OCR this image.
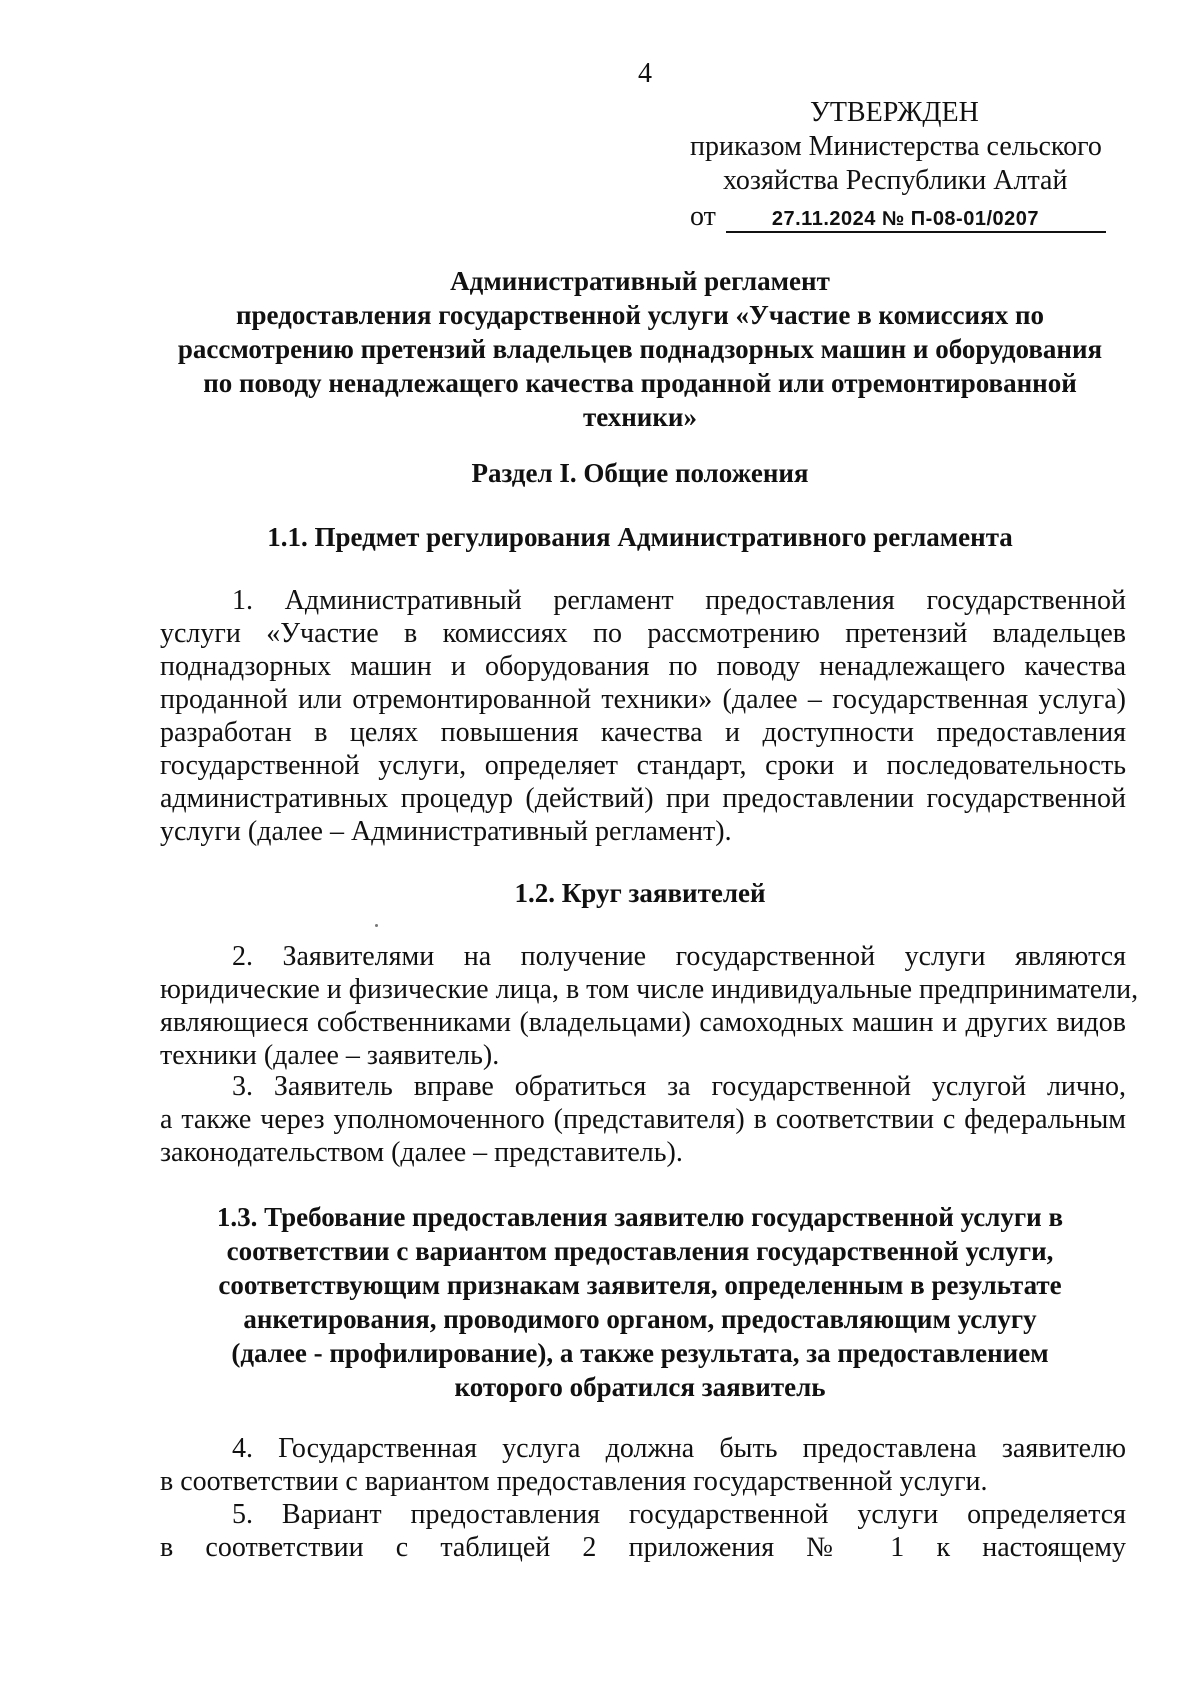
4
УТВЕРЖДЕН
приказом Министерства сельского
хозяйства Республики Алтай
от	27.11.2024 № П-08-01/0207
Административный регламент
предоставления государственной услуги «Участие в комиссиях по
рассмотрению претензий владельцев поднадзорных машин и оборудования
по поводу ненадлежащего качества проданной или отремонтированной
техники»
Раздел I. Общие положения
1.1. Предмет регулирования Административного регламента
1. Административный регламент предоставления государственной
услуги «Участие в комиссиях по рассмотрению претензий владельцев
поднадзорных машин и оборудования по поводу ненадлежащего качества
проданной или отремонтированной техники» (далее – государственная услуга)
разработан в целях повышения качества и доступности предоставления
государственной услуги, определяет стандарт, сроки и последовательность
административных процедур (действий) при предоставлении государственной
услуги (далее – Административный регламент).
1.2. Круг заявителей
2. Заявителями на получение государственной услуги являются
юридические и физические лица, в том числе индивидуальные предприниматели,
являющиеся собственниками (владельцами) самоходных машин и других видов
техники (далее – заявитель).
3. Заявитель вправе обратиться за государственной услугой лично,
а также через уполномоченного (представителя) в соответствии с федеральным
законодательством (далее – представитель).
1.3. Требование предоставления заявителю государственной услуги в
соответствии с вариантом предоставления государственной услуги,
соответствующим признакам заявителя, определенным в результате
анкетирования, проводимого органом, предоставляющим услугу
(далее - профилирование), а также результата, за предоставлением
которого обратился заявитель
4. Государственная услуга должна быть предоставлена заявителю
в соответствии с вариантом предоставления государственной услуги.
5. Вариант предоставления государственной услуги определяется
в соответствии с таблицей 2 приложения № 1 к настоящему
